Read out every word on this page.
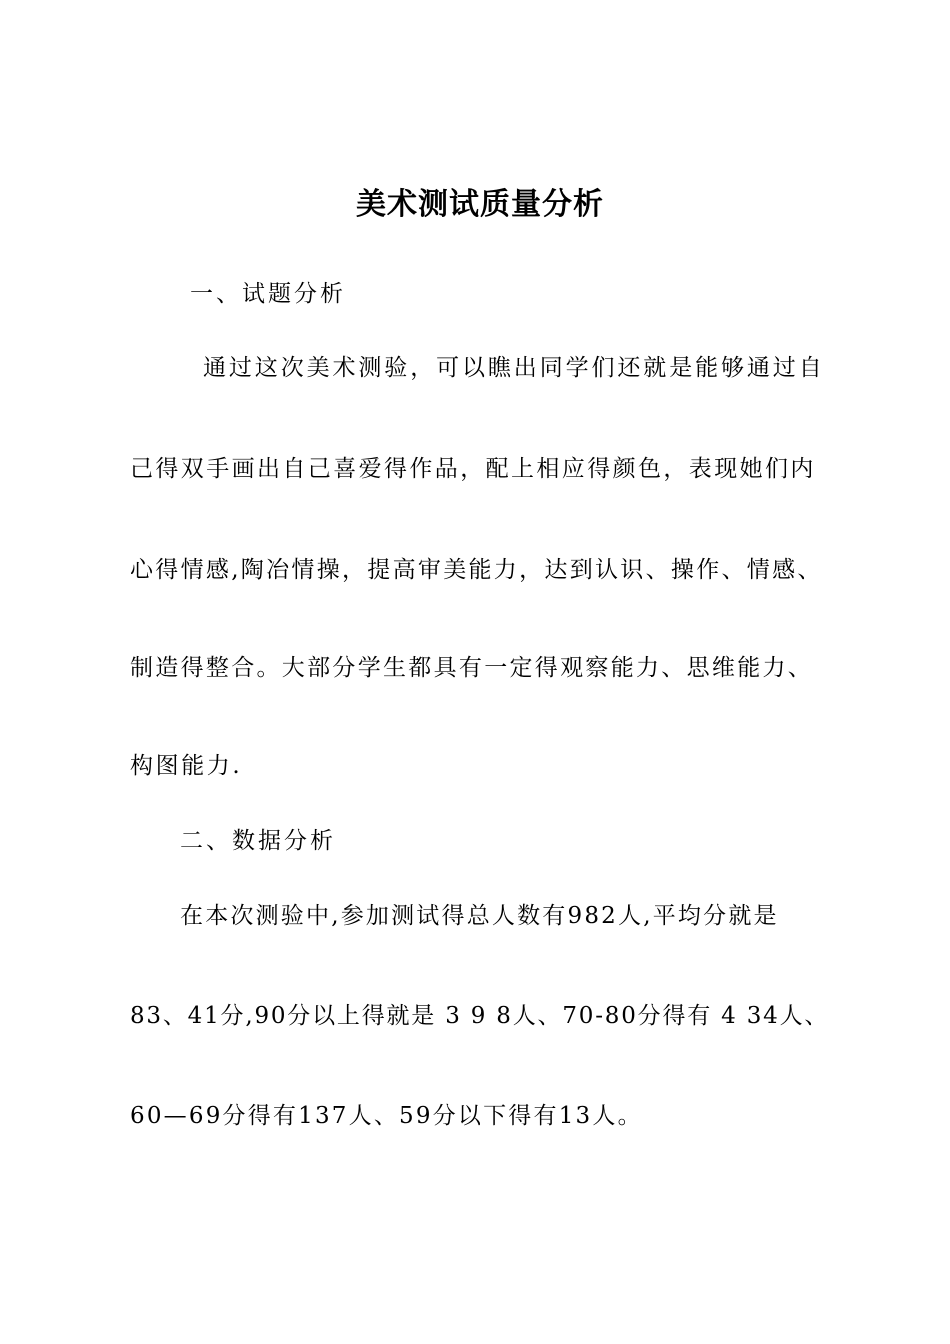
美术测试质量分析

一、试题分析

通过这次美术测验，可以瞧出同学们还就是能够通过自

己得双手画出自己喜爱得作品，配上相应得颜色，表现她们内

心得情感,陶冶情操，提高审美能力，达到认识、操作、情感、

制造得整合。大部分学生都具有一定得观察能力、思维能力、

构图能力.

二、数据分析

在本次测验中,参加测试得总人数有982人,平均分就是

83、41分,90分以上得就是 3 9 8人、70-80分得有 4 34人、

60—69分得有137人、59分以下得有13人。
